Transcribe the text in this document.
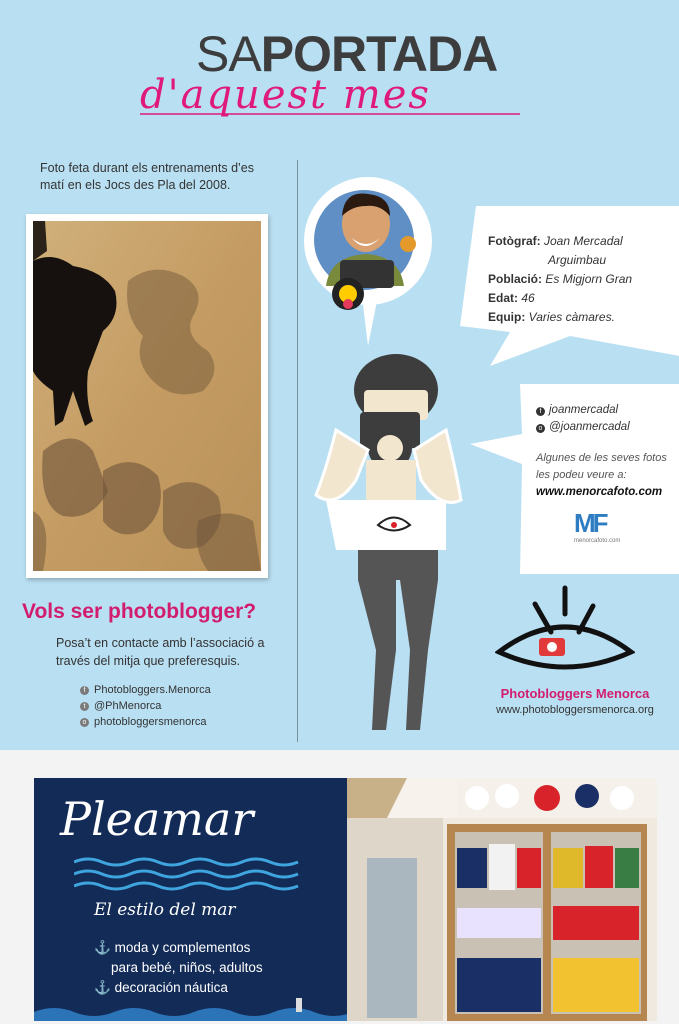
SAPORTADA
d'aquest mes
Foto feta durant els entrenaments d’es matí en els Jocs des Pla del 2008.
Vols ser photoblogger?
Posa’t en contacte amb l’associació a través del mitja que preferesquis.
f Photobloggers.Menorca
t @PhMenorca
o photobloggersmenorca
Fotògraf: Joan Mercadal
Arguimbau
Població: Es Migjorn Gran
Edat: 46
Equip: Varies càmares.
f joanmercadal
o @joanmercadal
Algunes de les seves fotos
les podeu veure a:
www.menorcafoto.com
MF
menorcafoto.com
Photobloggers Menorca
www.photobloggersmenorca.org
Pleamar
El estilo del mar
⚓ moda y complementos
para bebé, niños, adultos
⚓ decoración náutica
